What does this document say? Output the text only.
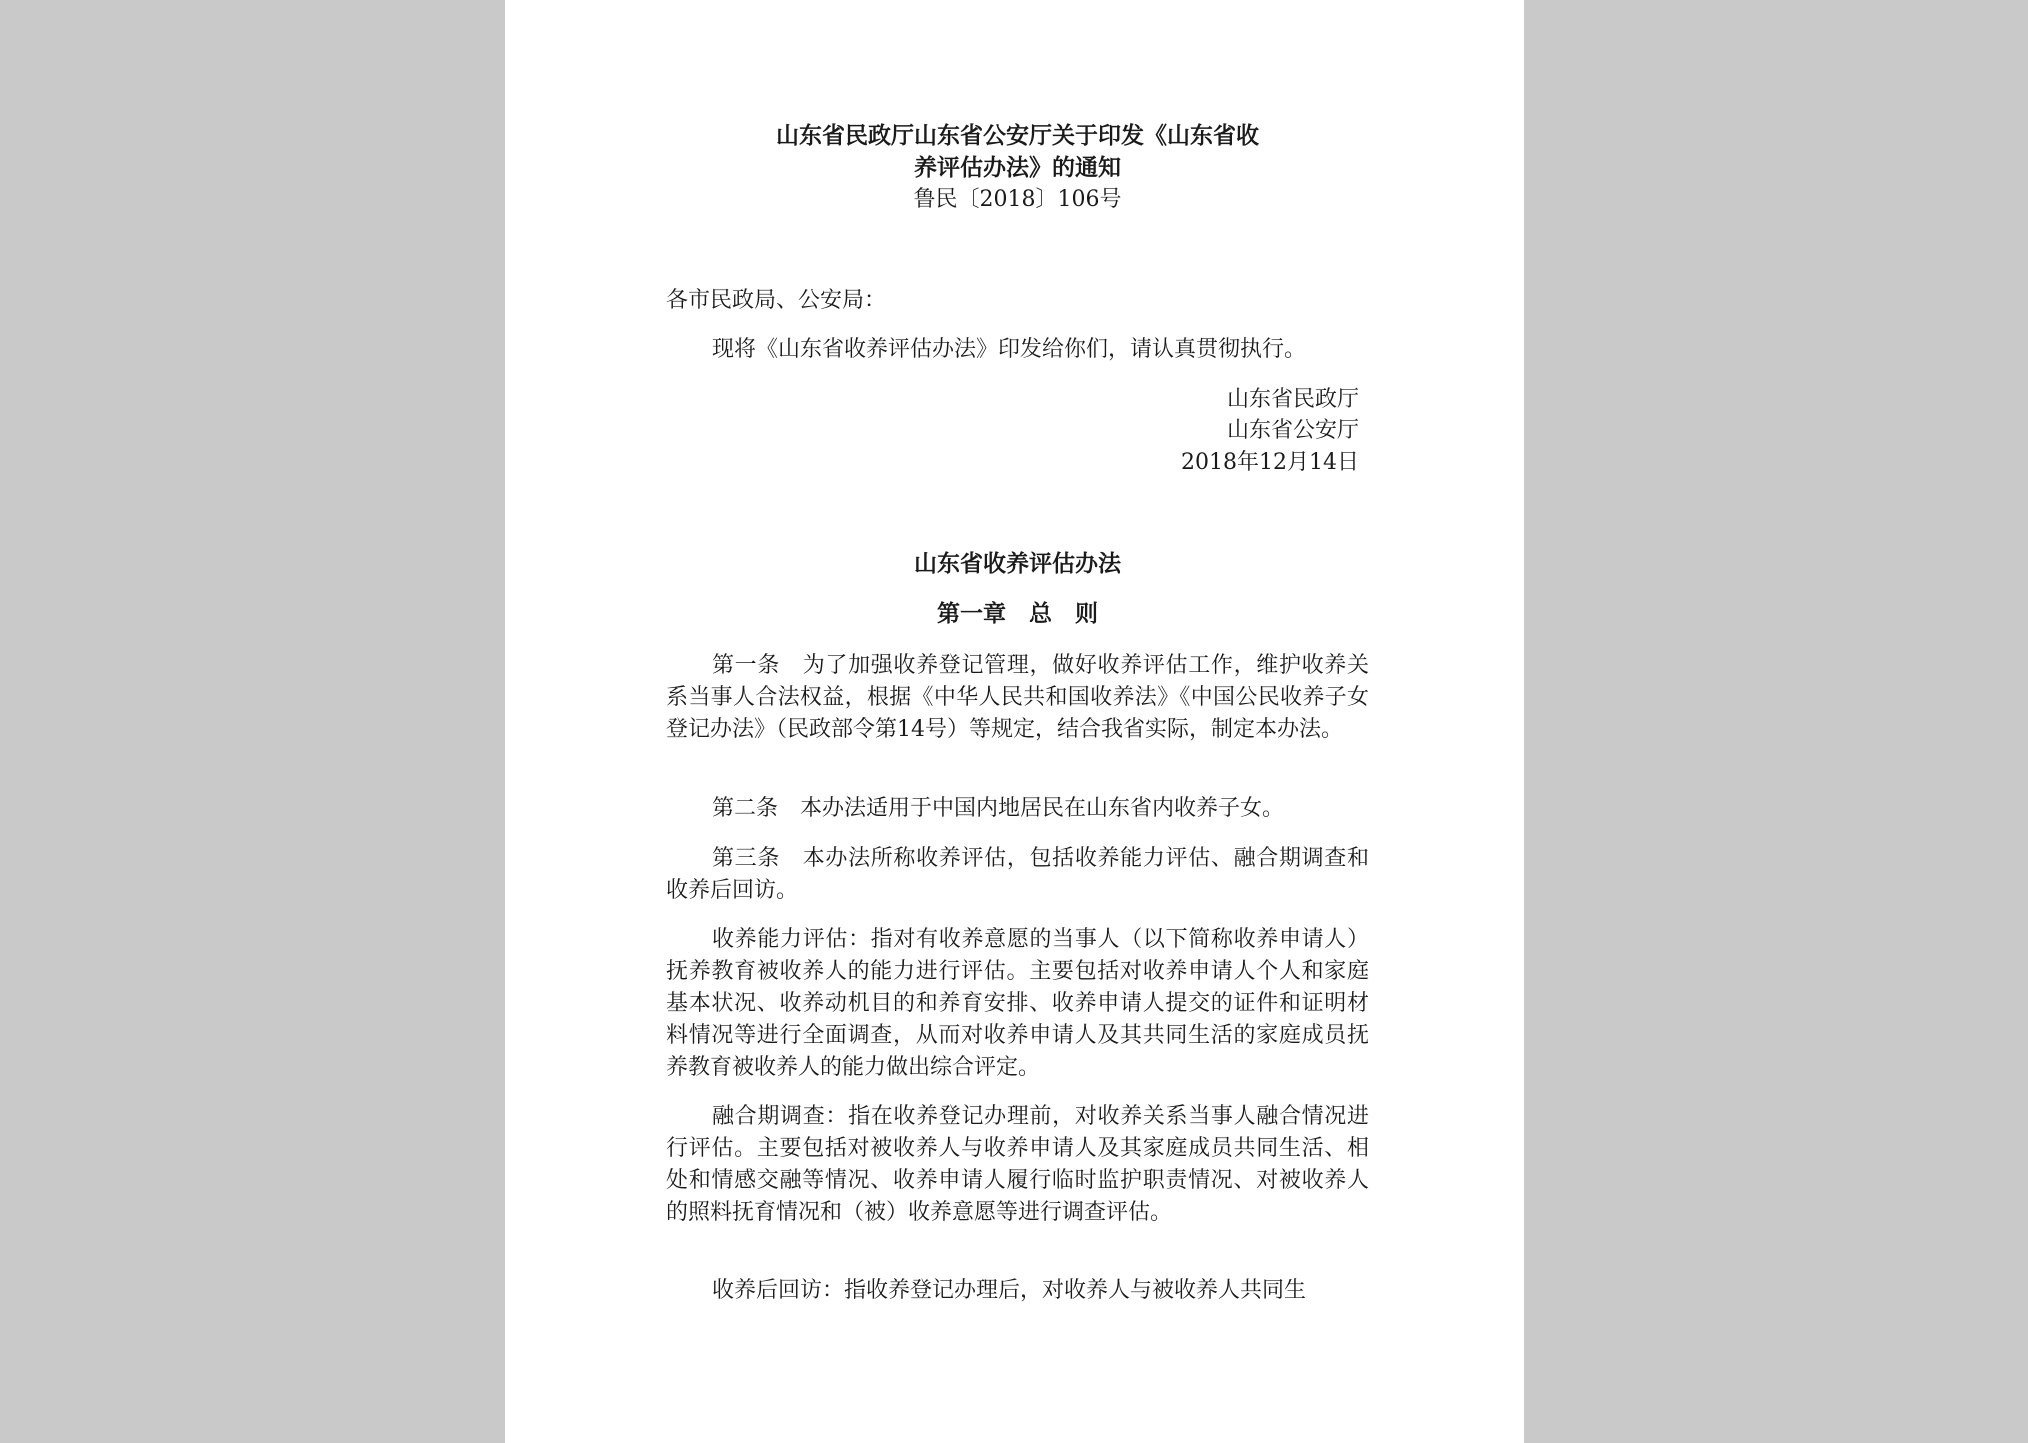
山东省民政厅山东省公安厅关于印发《山东省收
养评估办法》的通知
鲁民〔2018〕106号
各市民政局、公安局：
现将《山东省收养评估办法》印发给你们，请认真贯彻执行。
山东省民政厅
山东省公安厅
2018年12月14日
山东省收养评估办法
第一章　总　则
第一条　为了加强收养登记管理，做好收养评估工作，维护收养关系当事人合法权益，根据《中华人民共和国收养法》《中国公民收养子女登记办法》（民政部令第14号）等规定，结合我省实际，制定本办法。
第二条　本办法适用于中国内地居民在山东省内收养子女。
第三条　本办法所称收养评估，包括收养能力评估、融合期调查和收养后回访。
收养能力评估：指对有收养意愿的当事人（以下简称收养申请人）抚养教育被收养人的能力进行评估。主要包括对收养申请人个人和家庭基本状况、收养动机目的和养育安排、收养申请人提交的证件和证明材料情况等进行全面调查，从而对收养申请人及其共同生活的家庭成员抚养教育被收养人的能力做出综合评定。
融合期调查：指在收养登记办理前，对收养关系当事人融合情况进行评估。主要包括对被收养人与收养申请人及其家庭成员共同生活、相处和情感交融等情况、收养申请人履行临时监护职责情况、对被收养人的照料抚育情况和（被）收养意愿等进行调查评估。
收养后回访：指收养登记办理后，对收养人与被收养人共同生
